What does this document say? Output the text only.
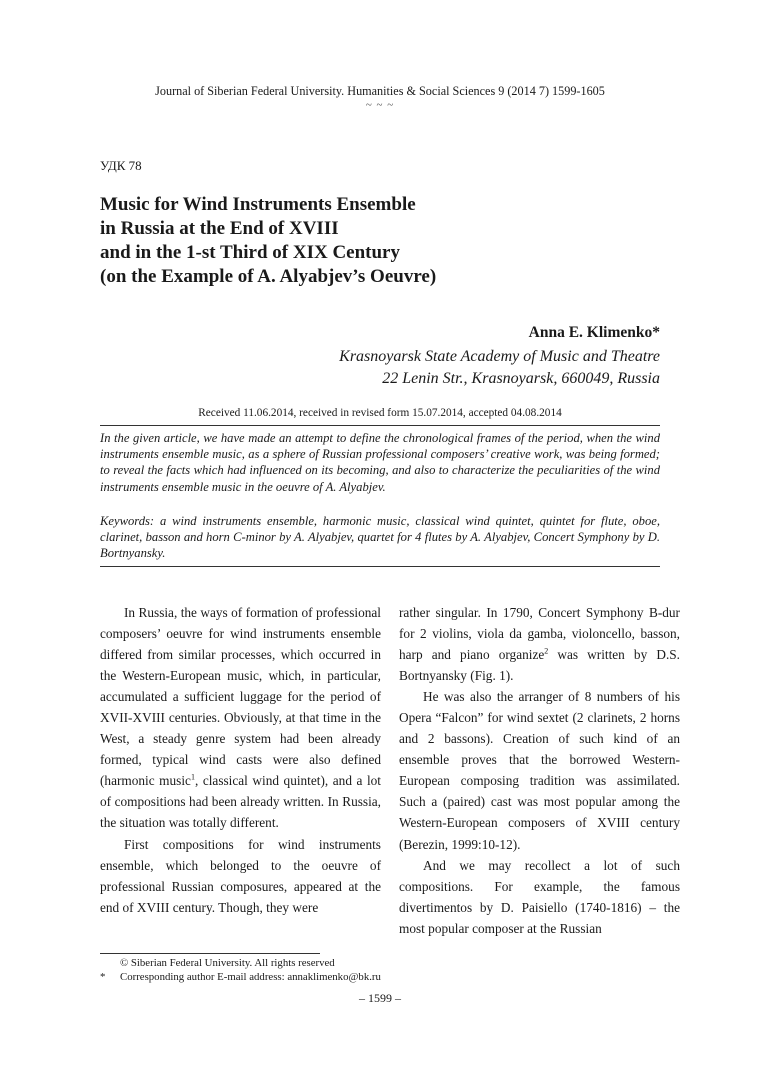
Journal of Siberian Federal University. Humanities & Social Sciences 9 (2014 7) 1599-1605
~ ~ ~
УДК 78
Music for Wind Instruments Ensemble
in Russia at the End of XVIII
and in the 1-st Third of XIX Century
(on the Example of A. Alyabjev’s Oeuvre)
Anna E. Klimenko*
Krasnoyarsk State Academy of Music and Theatre
22 Lenin Str., Krasnoyarsk, 660049, Russia
Received 11.06.2014, received in revised form 15.07.2014, accepted 04.08.2014
In the given article, we have made an attempt to define the chronological frames of the period, when the wind instruments ensemble music, as a sphere of Russian professional composers’ creative work, was being formed; to reveal the facts which had influenced on its becoming, and also to characterize the peculiarities of the wind instruments ensemble music in the oeuvre of A. Alyabjev.
Keywords: a wind instruments ensemble, harmonic music, classical wind quintet, quintet for flute, oboe, clarinet, basson and horn C-minor by A. Alyabjev, quartet for 4 flutes by A. Alyabjev, Concert Symphony by D. Bortnyansky.

In Russia, the ways of formation of professional composers’ oeuvre for wind instruments ensemble differed from similar processes, which occurred in the Western-European music, which, in particular, accumulated a sufficient luggage for the period of XVII-XVIII centuries. Obviously, at that time in the West, a steady genre system had been already formed, typical wind casts were also defined (harmonic music$^1$, classical wind quintet), and a lot of compositions had been already written. In Russia, the situation was totally different.

First compositions for wind instruments ensemble, which belonged to the oeuvre of professional Russian composures, appeared at the end of XVIII century. Though, they were

rather singular. In 1790, Concert Symphony B-dur for 2 violins, viola da gamba, violoncello, basson, harp and piano organize$^2$ was written by D.S. Bortnyansky (Fig. 1).

He was also the arranger of 8 numbers of his Opera “Falcon” for wind sextet (2 clarinets, 2 horns and 2 bassons). Creation of such kind of an ensemble proves that the borrowed Western-European composing tradition was assimilated. Such a (paired) cast was most popular among the Western-European composers of XVIII century (Berezin, 1999:10-12).

And we may recollect a lot of such compositions. For example, the famous divertimentos by D. Paisiello (1740-1816) – the most popular composer at the Russian

© Siberian Federal University. All rights reserved
* Corresponding author E-mail address: annaklimenko@bk.ru
– 1599 –
